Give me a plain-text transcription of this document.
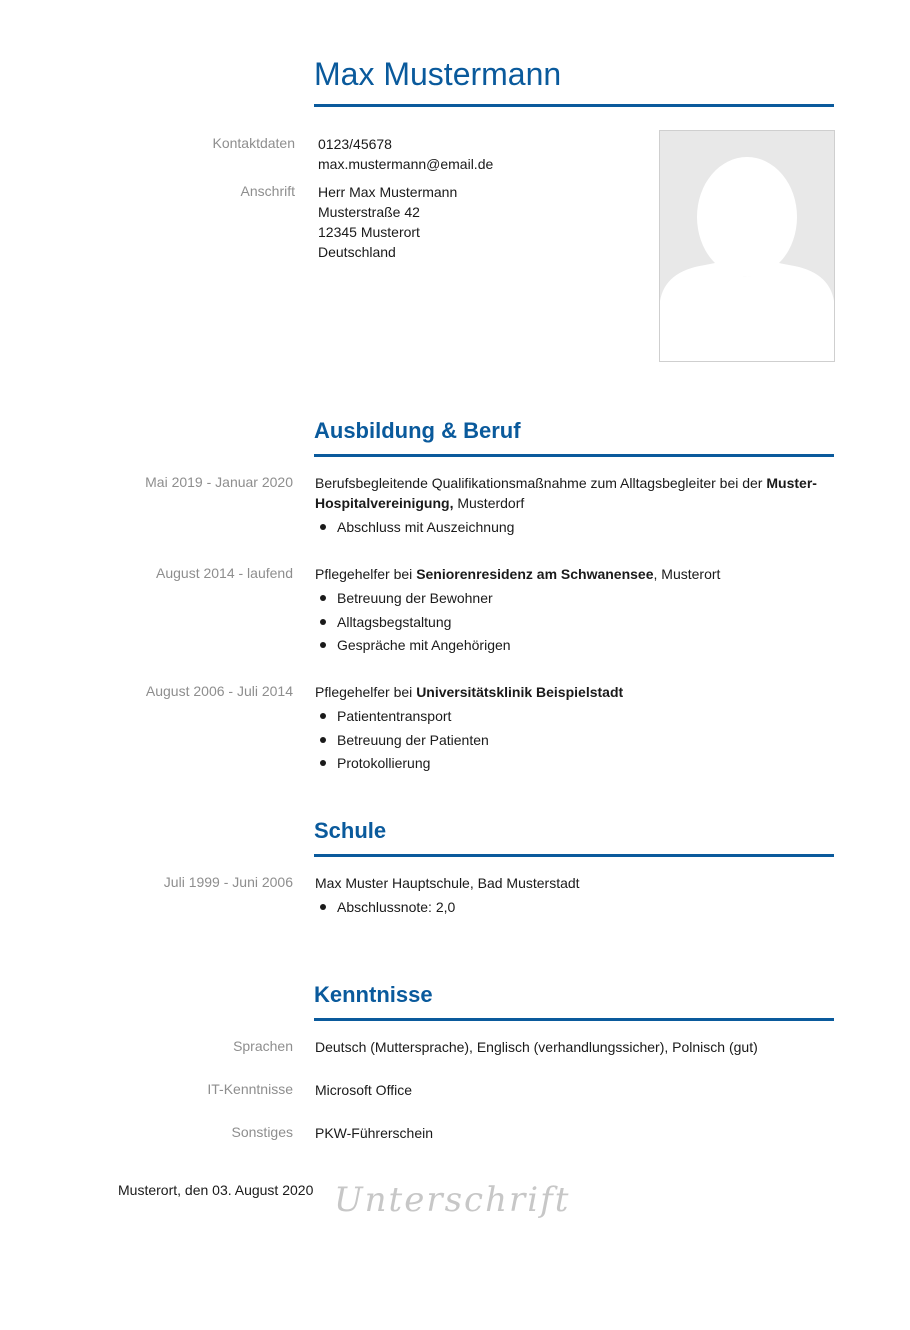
Max Mustermann
Kontaktdaten 0123/45678
max.mustermann@email.de
Anschrift Herr Max Mustermann
Musterstraße 42
12345 Musterort
Deutschland
Ausbildung & Beruf
Mai 2019 - Januar 2020 Berufsbegleitende Qualifikationsmaßnahme zum Alltagsbegleiter bei der Muster-Hospitalvereinigung, Musterdorf

Abschluss mit Auszeichnung
August 2014 - laufend Pflegehelfer bei Seniorenresidenz am Schwanensee, Musterort

Betreuung der Bewohner
Alltagsbegstaltung
Gespräche mit Angehörigen
August 2006 - Juli 2014 Pflegehelfer bei Universitätsklinik Beispielstadt

Patiententransport
Betreuung der Patienten
Protokollierung
Schule
Juli 1999 - Juni 2006 Max Muster Hauptschule, Bad Musterstadt

Abschlussnote: 2,0
Kenntnisse
Sprachen Deutsch (Muttersprache), Englisch (verhandlungssicher), Polnisch (gut)
IT-Kenntnisse Microsoft Office
Sonstiges PKW-Führerschein
Musterort, den 03. August 2020 Unterschrift
